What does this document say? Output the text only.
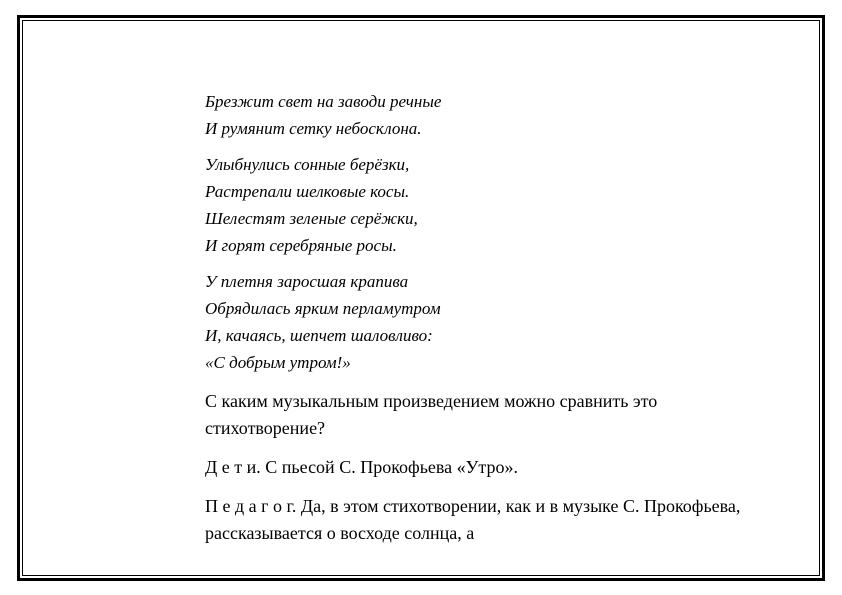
Брезжит свет на заводи речные
И румянит сетку небосклона.
Улыбнулись сонные берёзки,
Растрепали шелковые косы.
Шелестят зеленые серёжки,
И горят серебряные росы.
У плетня заросшая крапива
Обрядилась ярким перламутром
И, качаясь, шепчет шаловливо:
«С добрым утром!»
С каким музыкальным произведением можно сравнить это стихотворение?
Д е т и. С пьесой С. Прокофьева «Утро».
П е д а г о г. Да, в этом стихотворении, как и в музыке С. Прокофьева, рассказывается о восходе солнца, а
